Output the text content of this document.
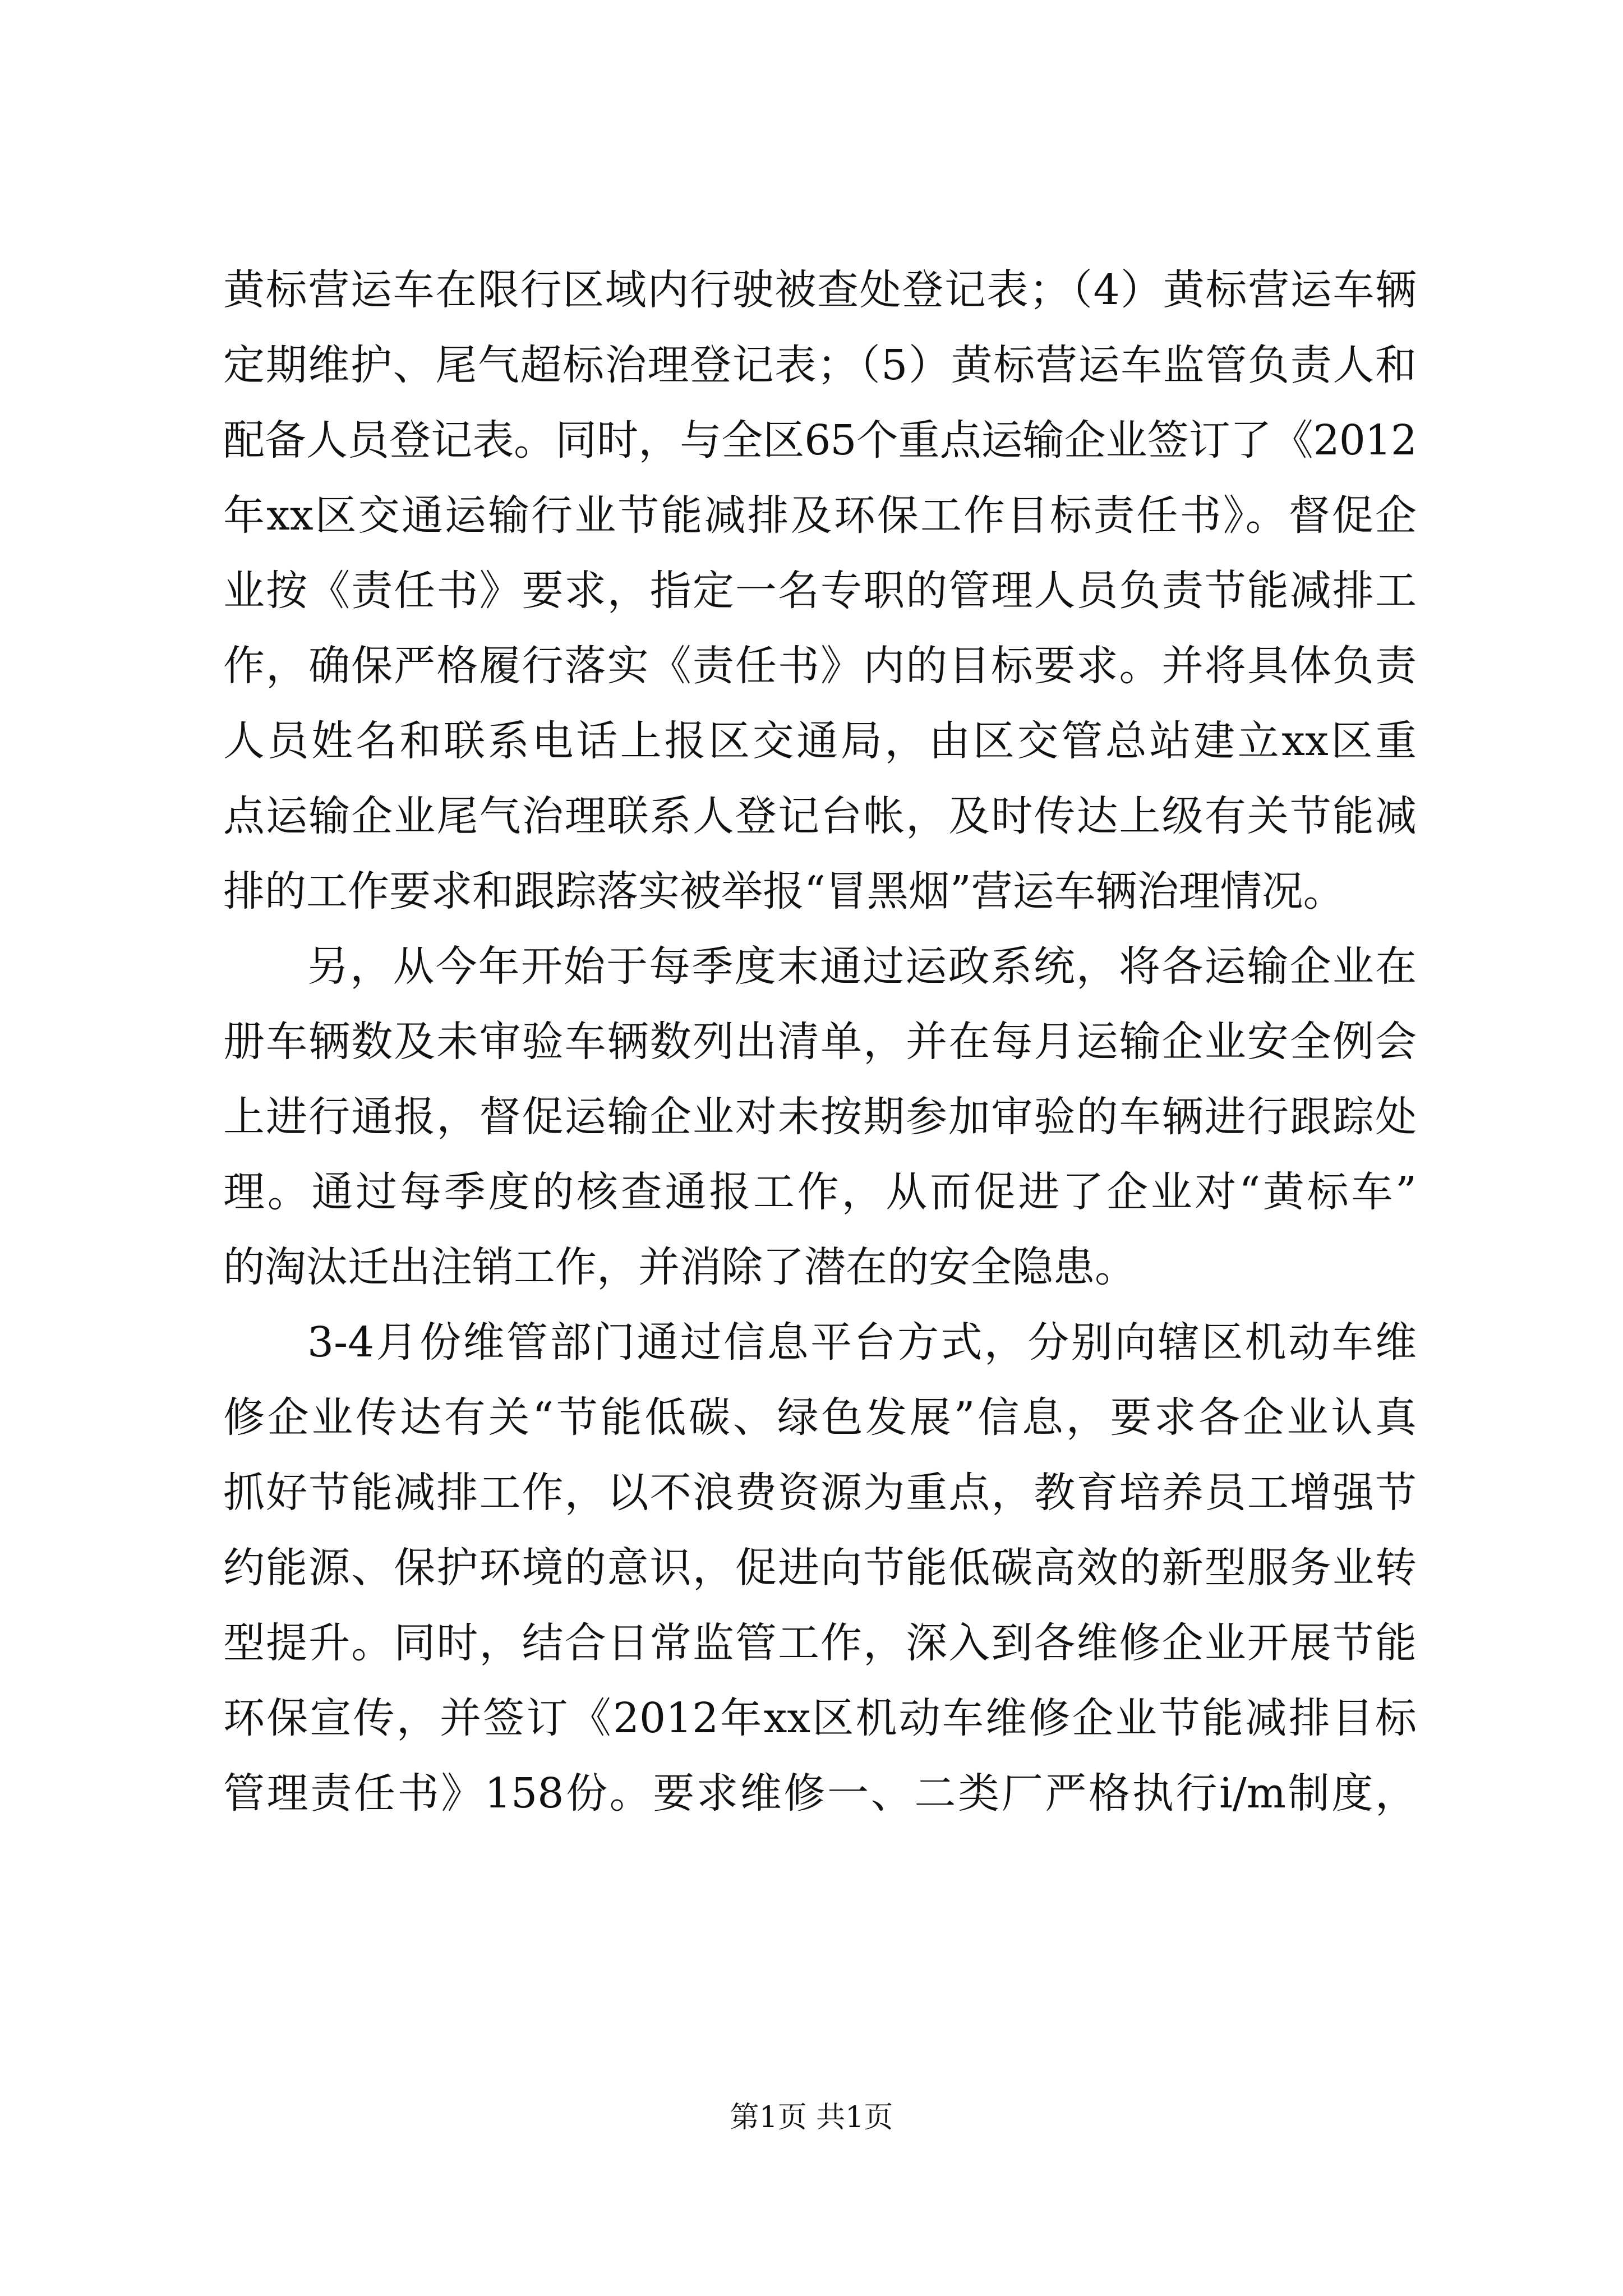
黄标营运车在限行区域内行驶被查处登记表；（4）黄标营运车辆
定期维护、尾气超标治理登记表；（5）黄标营运车监管负责人和
配备人员登记表。同时，与全区65个重点运输企业签订了《2012
年xx区交通运输行业节能减排及环保工作目标责任书》。督促企
业按《责任书》要求，指定一名专职的管理人员负责节能减排工
作，确保严格履行落实《责任书》内的目标要求。并将具体负责
人员姓名和联系电话上报区交通局，由区交管总站建立xx区重
点运输企业尾气治理联系人登记台帐，及时传达上级有关节能减
排的工作要求和跟踪落实被举报“冒黑烟”营运车辆治理情况。
另，从今年开始于每季度末通过运政系统，将各运输企业在
册车辆数及未审验车辆数列出清单，并在每月运输企业安全例会
上进行通报，督促运输企业对未按期参加审验的车辆进行跟踪处
理。通过每季度的核查通报工作，从而促进了企业对“黄标车”
的淘汰迁出注销工作，并消除了潜在的安全隐患。
3-4月份维管部门通过信息平台方式，分别向辖区机动车维
修企业传达有关“节能低碳、绿色发展”信息，要求各企业认真
抓好节能减排工作，以不浪费资源为重点，教育培养员工增强节
约能源、保护环境的意识，促进向节能低碳高效的新型服务业转
型提升。同时，结合日常监管工作，深入到各维修企业开展节能
环保宣传，并签订《2012年xx区机动车维修企业节能减排目标
管理责任书》158份。要求维修一、二类厂严格执行i/m制度，
第1页 共1页
